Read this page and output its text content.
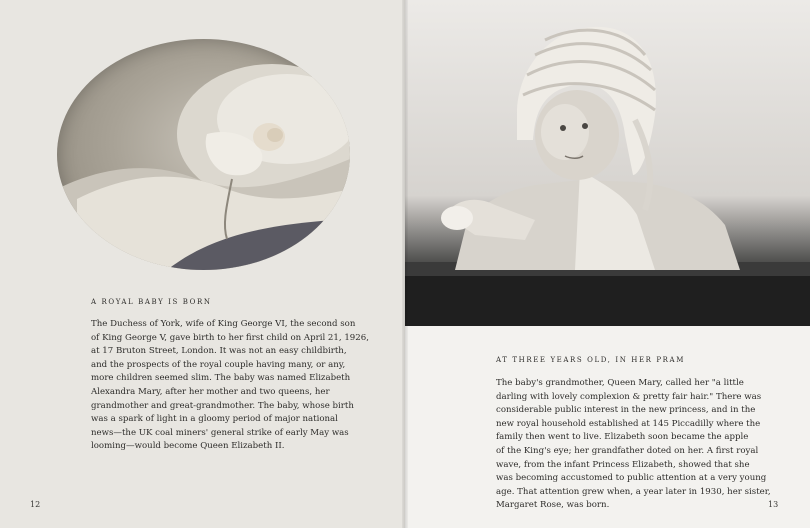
A ROYAL BABY IS BORN

The Duchess of York, wife of King George VI, the second son
of King George V, gave birth to her first child on April 21, 1926,
at 17 Bruton Street, London. It was not an easy childbirth,
and the prospects of the royal couple having many, or any,
more children seemed slim. The baby was named Elizabeth
Alexandra Mary, after her mother and two queens, her
grandmother and great-grandmother. The baby, whose birth
was a spark of light in a gloomy period of major national
news—the UK coal miners' general strike of early May was
looming—would become Queen Elizabeth II.

12
AT THREE YEARS OLD, IN HER PRAM

The baby's grandmother, Queen Mary, called her "a little
darling with lovely complexion & pretty fair hair." There was
considerable public interest in the new princess, and in the
new royal household established at 145 Piccadilly where the
family then went to live. Elizabeth soon became the apple
of the King's eye; her grandfather doted on her. A first royal
wave, from the infant Princess Elizabeth, showed that she
was becoming accustomed to public attention at a very young
age. That attention grew when, a year later in 1930, her sister,
Margaret Rose, was born.	13
